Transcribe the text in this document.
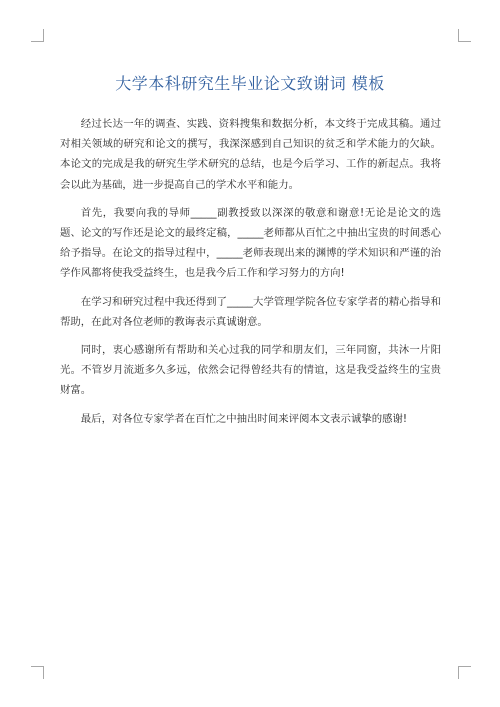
大学本科研究生毕业论文致谢词 模板

经过长达一年的调查、实践、资料搜集和数据分析，本文终于完成其稿。通过对相关领域的研究和论文的撰写，我深深感到自己知识的贫乏和学术能力的欠缺。本论文的完成是我的研究生学术研究的总结，也是今后学习、工作的新起点。我将会以此为基础，进一步提高自己的学术水平和能力。

首先，我要向我的导师_____副教授致以深深的敬意和谢意!无论是论文的选题、论文的写作还是论文的最终定稿，_____老师都从百忙之中抽出宝贵的时间悉心给予指导。在论文的指导过程中，_____老师表现出来的渊博的学术知识和严谨的治学作风都将使我受益终生，也是我今后工作和学习努力的方向!

在学习和研究过程中我还得到了_____大学管理学院各位专家学者的精心指导和帮助，在此对各位老师的教诲表示真诚谢意。

同时，衷心感谢所有帮助和关心过我的同学和朋友们，三年同窗，共沐一片阳光。不管岁月流逝多久多远，依然会记得曾经共有的情谊，这是我受益终生的宝贵财富。

最后，对各位专家学者在百忙之中抽出时间来评阅本文表示诚挚的感谢!
